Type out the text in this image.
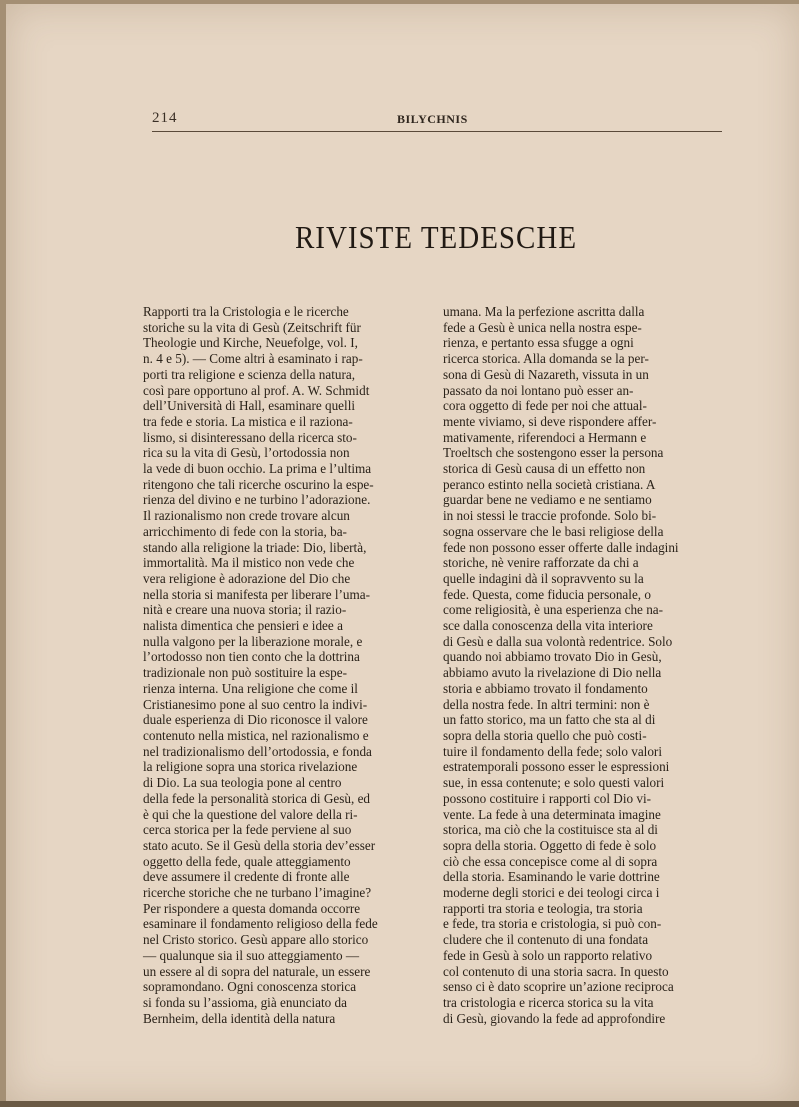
214	BILYCHNIS
RIVISTE TEDESCHE
Rapporti tra la Cristologia e le ricerche
storiche su la vita di Gesù (Zeitschrift für
Theologie und Kirche, Neuefolge, vol. I,
n. 4 e 5). — Come altri à esaminato i rap-
porti tra religione e scienza della natura,
così pare opportuno al prof. A. W. Schmidt
dell’Università di Hall, esaminare quelli
tra fede e storia. La mistica e il raziona-
lismo, si disinteressano della ricerca sto-
rica su la vita di Gesù, l’ortodossia non
la vede di buon occhio. La prima e l’ultima
ritengono che tali ricerche oscurino la espe-
rienza del divino e ne turbino l’adorazione.
Il razionalismo non crede trovare alcun
arricchimento di fede con la storia, ba-
stando alla religione la triade: Dio, libertà,
immortalità. Ma il mistico non vede che
vera religione è adorazione del Dio che
nella storia si manifesta per liberare l’uma-
nità e creare una nuova storia; il razio-
nalista dimentica che pensieri e idee a
nulla valgono per la liberazione morale, e
l’ortodosso non tien conto che la dottrina
tradizionale non può sostituire la espe-
rienza interna. Una religione che come il
Cristianesimo pone al suo centro la indivi-
duale esperienza di Dio riconosce il valore
contenuto nella mistica, nel razionalismo e
nel tradizionalismo dell’ortodossia, e fonda
la religione sopra una storica rivelazione
di Dio. La sua teologia pone al centro
della fede la personalità storica di Gesù, ed
è qui che la questione del valore della ri-
cerca storica per la fede perviene al suo
stato acuto. Se il Gesù della storia dev’esser
oggetto della fede, quale atteggiamento
deve assumere il credente di fronte alle
ricerche storiche che ne turbano l’imagine?
Per rispondere a questa domanda occorre
esaminare il fondamento religioso della fede
nel Cristo storico. Gesù appare allo storico
— qualunque sia il suo atteggiamento —
un essere al di sopra del naturale, un essere
sopramondano. Ogni conoscenza storica
si fonda su l’assioma, già enunciato da
Bernheim, della identità della natura
umana. Ma la perfezione ascritta dalla
fede a Gesù è unica nella nostra espe-
rienza, e pertanto essa sfugge a ogni
ricerca storica. Alla domanda se la per-
sona di Gesù di Nazareth, vissuta in un
passato da noi lontano può esser an-
cora oggetto di fede per noi che attual-
mente viviamo, si deve rispondere affer-
mativamente, riferendoci a Hermann e
Troeltsch che sostengono esser la persona
storica di Gesù causa di un effetto non
peranco estinto nella società cristiana. A
guardar bene ne vediamo e ne sentiamo
in noi stessi le traccie profonde. Solo bi-
sogna osservare che le basi religiose della
fede non possono esser offerte dalle indagini
storiche, nè venire rafforzate da chi a
quelle indagini dà il sopravvento su la
fede. Questa, come fiducia personale, o
come religiosità, è una esperienza che na-
sce dalla conoscenza della vita interiore
di Gesù e dalla sua volontà redentrice. Solo
quando noi abbiamo trovato Dio in Gesù,
abbiamo avuto la rivelazione di Dio nella
storia e abbiamo trovato il fondamento
della nostra fede. In altri termini: non è
un fatto storico, ma un fatto che sta al di
sopra della storia quello che può costi-
tuire il fondamento della fede; solo valori
estratemporali possono esser le espressioni
sue, in essa contenute; e solo questi valori
possono costituire i rapporti col Dio vi-
vente. La fede à una determinata imagine
storica, ma ciò che la costituisce sta al di
sopra della storia. Oggetto di fede è solo
ciò che essa concepisce come al di sopra
della storia. Esaminando le varie dottrine
moderne degli storici e dei teologi circa i
rapporti tra storia e teologia, tra storia
e fede, tra storia e cristologia, si può con-
cludere che il contenuto di una fondata
fede in Gesù à solo un rapporto relativo
col contenuto di una storia sacra. In questo
senso ci è dato scoprire un’azione reciproca
tra cristologia e ricerca storica su la vita
di Gesù, giovando la fede ad approfondire
